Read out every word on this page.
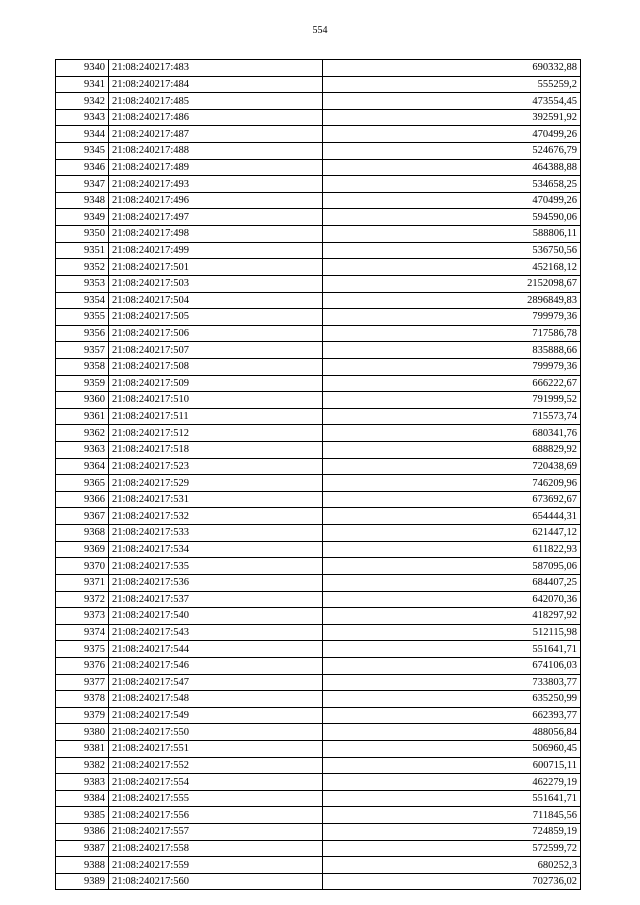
554
9340	21:08:240217:483	690332,88
9341	21:08:240217:484	555259,2
9342	21:08:240217:485	473554,45
9343	21:08:240217:486	392591,92
9344	21:08:240217:487	470499,26
9345	21:08:240217:488	524676,79
9346	21:08:240217:489	464388,88
9347	21:08:240217:493	534658,25
9348	21:08:240217:496	470499,26
9349	21:08:240217:497	594590,06
9350	21:08:240217:498	588806,11
9351	21:08:240217:499	536750,56
9352	21:08:240217:501	452168,12
9353	21:08:240217:503	2152098,67
9354	21:08:240217:504	2896849,83
9355	21:08:240217:505	799979,36
9356	21:08:240217:506	717586,78
9357	21:08:240217:507	835888,66
9358	21:08:240217:508	799979,36
9359	21:08:240217:509	666222,67
9360	21:08:240217:510	791999,52
9361	21:08:240217:511	715573,74
9362	21:08:240217:512	680341,76
9363	21:08:240217:518	688829,92
9364	21:08:240217:523	720438,69
9365	21:08:240217:529	746209,96
9366	21:08:240217:531	673692,67
9367	21:08:240217:532	654444,31
9368	21:08:240217:533	621447,12
9369	21:08:240217:534	611822,93
9370	21:08:240217:535	587095,06
9371	21:08:240217:536	684407,25
9372	21:08:240217:537	642070,36
9373	21:08:240217:540	418297,92
9374	21:08:240217:543	512115,98
9375	21:08:240217:544	551641,71
9376	21:08:240217:546	674106,03
9377	21:08:240217:547	733803,77
9378	21:08:240217:548	635250,99
9379	21:08:240217:549	662393,77
9380	21:08:240217:550	488056,84
9381	21:08:240217:551	506960,45
9382	21:08:240217:552	600715,11
9383	21:08:240217:554	462279,19
9384	21:08:240217:555	551641,71
9385	21:08:240217:556	711845,56
9386	21:08:240217:557	724859,19
9387	21:08:240217:558	572599,72
9388	21:08:240217:559	680252,3
9389	21:08:240217:560	702736,02
